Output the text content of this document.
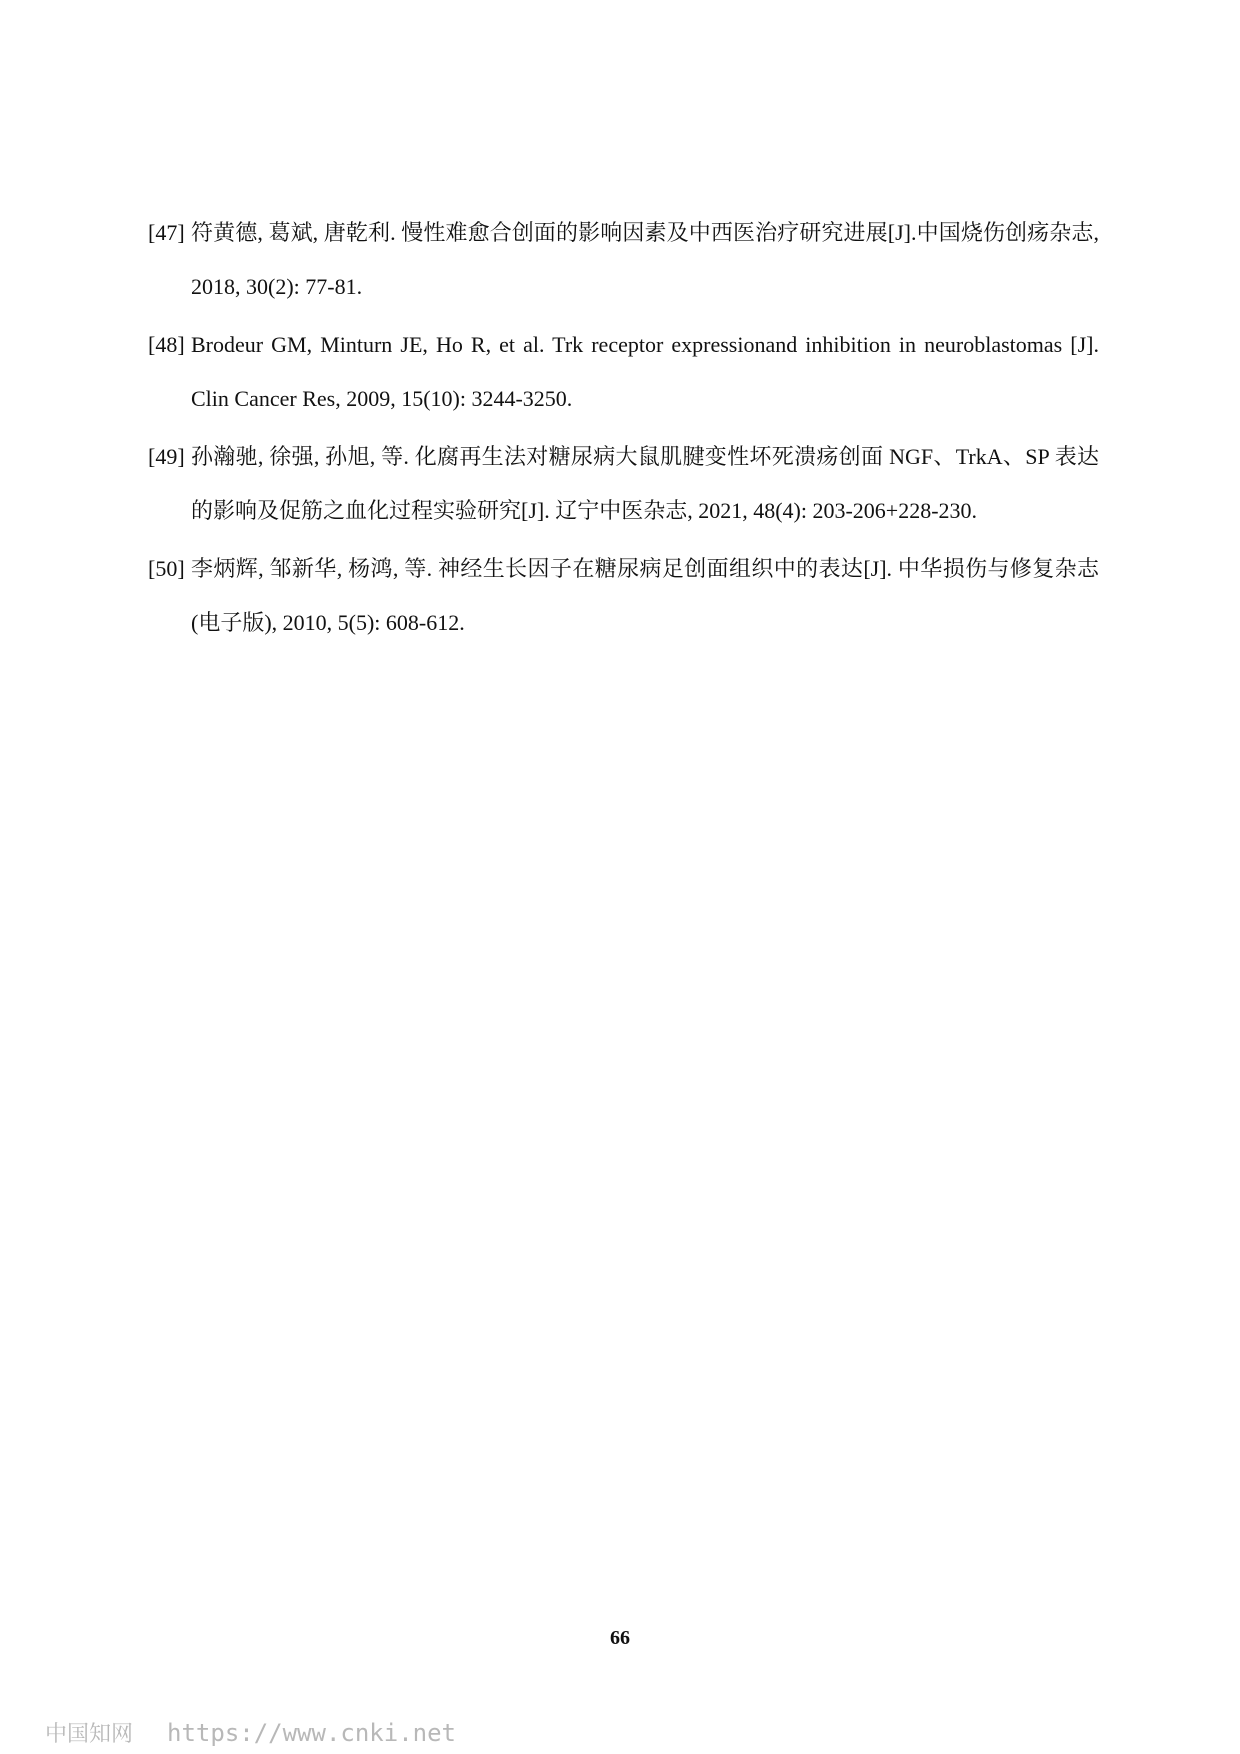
[47] 符黄德, 葛斌, 唐乾利. 慢性难愈合创面的影响因素及中西医治疗研究进展[J].中国烧伤创疡杂志, 2018, 30(2): 77-81.

[48] Brodeur GM, Minturn JE, Ho R, et al. Trk receptor expressionand inhibition in neuroblastomas [J]. Clin Cancer Res, 2009, 15(10): 3244-3250.

[49] 孙瀚驰, 徐强, 孙旭, 等. 化腐再生法对糖尿病大鼠肌腱变性坏死溃疡创面 NGF、TrkA、SP 表达的影响及促筋之血化过程实验研究[J]. 辽宁中医杂志, 2021, 48(4): 203-206+228-230.

[50] 李炳辉, 邹新华, 杨鸿, 等. 神经生长因子在糖尿病足创面组织中的表达[J]. 中华损伤与修复杂志(电子版), 2010, 5(5): 608-612.

66
中国知网 https://www.cnki.net
